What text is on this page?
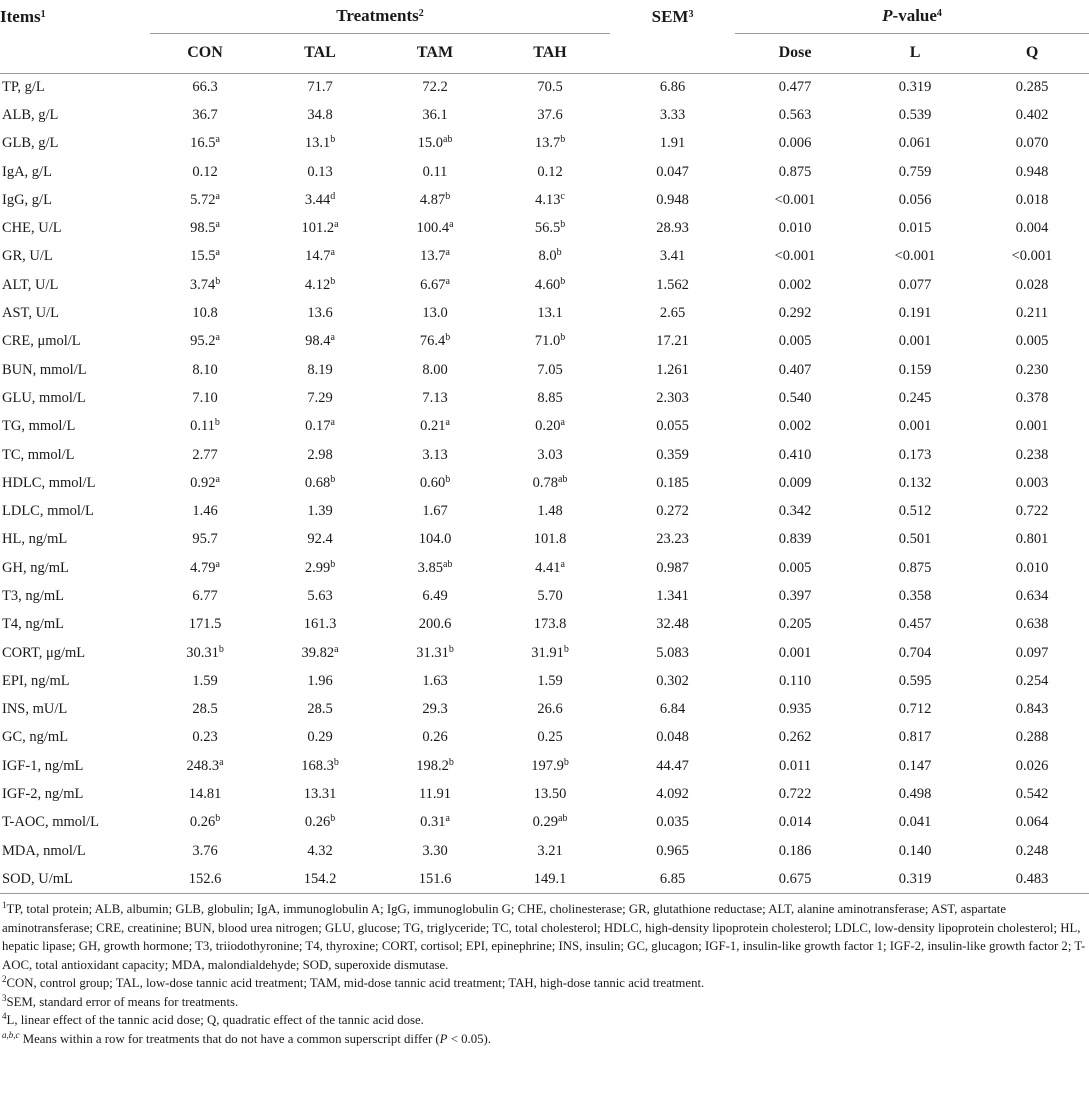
Items$^1$	Treatments$^2$				SEM$^3$	P-value$^4$
	CON	TAL	TAM	TAH		Dose	L	Q
TP, g/L	66.3	71.7	72.2	70.5	6.86	0.477	0.319	0.285
ALB, g/L	36.7	34.8	36.1	37.6	3.33	0.563	0.539	0.402
GLB, g/L	16.5$^a$	13.1$^b$	15.0$^{ab}$	13.7$^b$	1.91	0.006	0.061	0.070
IgA, g/L	0.12	0.13	0.11	0.12	0.047	0.875	0.759	0.948
IgG, g/L	5.72$^a$	3.44$^d$	4.87$^b$	4.13$^c$	0.948	<0.001	0.056	0.018
CHE, U/L	98.5$^a$	101.2$^a$	100.4$^a$	56.5$^b$	28.93	0.010	0.015	0.004
GR, U/L	15.5$^a$	14.7$^a$	13.7$^a$	8.0$^b$	3.41	<0.001	<0.001	<0.001
ALT, U/L	3.74$^b$	4.12$^b$	6.67$^a$	4.60$^b$	1.562	0.002	0.077	0.028
AST, U/L	10.8	13.6	13.0	13.1	2.65	0.292	0.191	0.211
CRE, μmol/L	95.2$^a$	98.4$^a$	76.4$^b$	71.0$^b$	17.21	0.005	0.001	0.005
BUN, mmol/L	8.10	8.19	8.00	7.05	1.261	0.407	0.159	0.230
GLU, mmol/L	7.10	7.29	7.13	8.85	2.303	0.540	0.245	0.378
TG, mmol/L	0.11$^b$	0.17$^a$	0.21$^a$	0.20$^a$	0.055	0.002	0.001	0.001
TC, mmol/L	2.77	2.98	3.13	3.03	0.359	0.410	0.173	0.238
HDLC, mmol/L	0.92$^a$	0.68$^b$	0.60$^b$	0.78$^{ab}$	0.185	0.009	0.132	0.003
LDLC, mmol/L	1.46	1.39	1.67	1.48	0.272	0.342	0.512	0.722
HL, ng/mL	95.7	92.4	104.0	101.8	23.23	0.839	0.501	0.801
GH, ng/mL	4.79$^a$	2.99$^b$	3.85$^{ab}$	4.41$^a$	0.987	0.005	0.875	0.010
T3, ng/mL	6.77	5.63	6.49	5.70	1.341	0.397	0.358	0.634
T4, ng/mL	171.5	161.3	200.6	173.8	32.48	0.205	0.457	0.638
CORT, μg/mL	30.31$^b$	39.82$^a$	31.31$^b$	31.91$^b$	5.083	0.001	0.704	0.097
EPI, ng/mL	1.59	1.96	1.63	1.59	0.302	0.110	0.595	0.254
INS, mU/L	28.5	28.5	29.3	26.6	6.84	0.935	0.712	0.843
GC, ng/mL	0.23	0.29	0.26	0.25	0.048	0.262	0.817	0.288
IGF-1, ng/mL	248.3$^a$	168.3$^b$	198.2$^b$	197.9$^b$	44.47	0.011	0.147	0.026
IGF-2, ng/mL	14.81	13.31	11.91	13.50	4.092	0.722	0.498	0.542
T-AOC, mmol/L	0.26$^b$	0.26$^b$	0.31$^a$	0.29$^{ab}$	0.035	0.014	0.041	0.064
MDA, nmol/L	3.76	4.32	3.30	3.21	0.965	0.186	0.140	0.248
SOD, U/mL	152.6	154.2	151.6	149.1	6.85	0.675	0.319	0.483

$^1$TP, total protein; ALB, albumin; GLB, globulin; IgA, immunoglobulin A; IgG, immunoglobulin G; CHE, cholinesterase; GR, glutathione reductase; ALT, alanine aminotransferase; AST, aspartate aminotransferase; CRE, creatinine; BUN, blood urea nitrogen; GLU, glucose; TG, triglyceride; TC, total cholesterol; HDLC, high-density lipoprotein cholesterol; LDLC, low-density lipoprotein cholesterol; HL, hepatic lipase; GH, growth hormone; T3, triiodothyronine; T4, thyroxine; CORT, cortisol; EPI, epinephrine; INS, insulin; GC, glucagon; IGF-1, insulin-like growth factor 1; IGF-2, insulin-like growth factor 2; T-AOC, total antioxidant capacity; MDA, malondialdehyde; SOD, superoxide dismutase.

$^2$CON, control group; TAL, low-dose tannic acid treatment; TAM, mid-dose tannic acid treatment; TAH, high-dose tannic acid treatment.

$^3$SEM, standard error of means for treatments.

$^4$L, linear effect of the tannic acid dose; Q, quadratic effect of the tannic acid dose.

$^{a,b,c}$ Means within a row for treatments that do not have a common superscript differ (P < 0.05).
